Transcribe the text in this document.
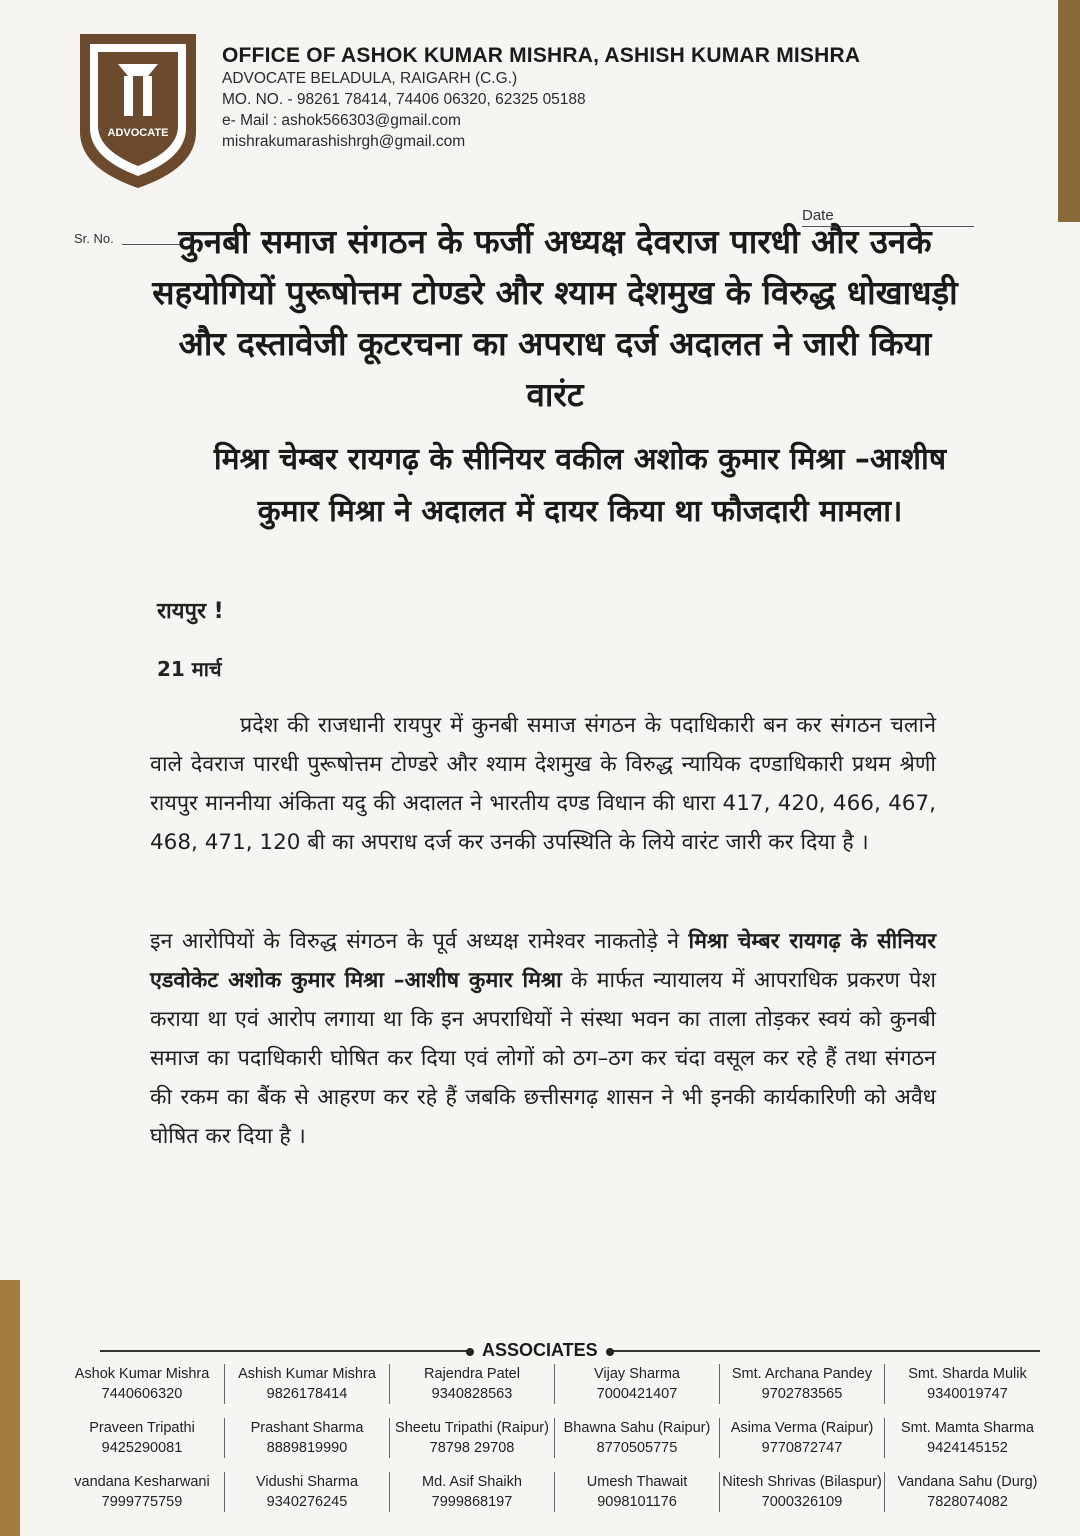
ADVOCATE
OFFICE OF ASHOK KUMAR MISHRA, ASHISH KUMAR MISHRA
ADVOCATE BELADULA, RAIGARH (C.G.)
MO. NO. - 98261 78414, 74406 06320, 62325 05188
e- Mail : ashok566303@gmail.com
mishrakumarashishrgh@gmail.com
Sr. No.
Date
कुनबी समाज संगठन के फर्जी अध्यक्ष देवराज पारधी और उनके सहयोगियों पुरूषोत्तम टोण्डरे और श्याम देशमुख के विरुद्ध धोखाधड़ी और दस्तावेजी कूटरचना का अपराध दर्ज अदालत ने जारी किया वारंट
मिश्रा चेम्बर रायगढ़ के सीनियर वकील अशोक कुमार मिश्रा –आशीष कुमार मिश्रा ने अदालत में दायर किया था फौजदारी मामला।
रायपुर !
21 मार्च

प्रदेश की राजधानी रायपुर में कुनबी समाज संगठन के पदाधिकारी बन कर संगठन चलाने वाले देवराज पारधी पुरूषोत्तम टोण्डरे और श्याम देशमुख के विरुद्ध न्यायिक दण्डाधिकारी प्रथम श्रेणी रायपुर माननीया अंकिता यदु की अदालत ने भारतीय दण्ड विधान की धारा 417, 420, 466, 467, 468, 471, 120 बी का अपराध दर्ज कर उनकी उपस्थिति के लिये वारंट जारी कर दिया है ।

इन आरोपियों के विरुद्ध संगठन के पूर्व अध्यक्ष रामेश्वर नाकतोड़े ने मिश्रा चेम्बर रायगढ़ के सीनियर एडवोकेट अशोक कुमार मिश्रा –आशीष कुमार मिश्रा के मार्फत न्यायालय में आपराधिक प्रकरण पेश कराया था एवं आरोप लगाया था कि इन अपराधियों ने संस्था भवन का ताला तोड़कर स्वयं को कुनबी समाज का पदाधिकारी घोषित कर दिया एवं लोगों को ठग–ठग कर चंदा वसूल कर रहे हैं तथा संगठन की रकम का बैंक से आहरण कर रहे हैं जबकि छत्तीसगढ़ शासन ने भी इनकी कार्यकारिणी को अवैध घोषित कर दिया है ।

ASSOCIATES
Ashok Kumar Mishra
7440606320
Ashish Kumar Mishra
9826178414
Rajendra Patel
9340828563
Vijay Sharma
7000421407
Smt. Archana Pandey
9702783565
Smt. Sharda Mulik
9340019747
Praveen Tripathi
9425290081
Prashant Sharma
8889819990
Sheetu Tripathi (Raipur)
78798 29708
Bhawna Sahu (Raipur)
8770505775
Asima Verma (Raipur)
9770872747
Smt. Mamta Sharma
9424145152
vandana Kesharwani
7999775759
Vidushi Sharma
9340276245
Md. Asif Shaikh
7999868197
Umesh Thawait
9098101176
Nitesh Shrivas (Bilaspur)
7000326109
Vandana Sahu (Durg)
7828074082
